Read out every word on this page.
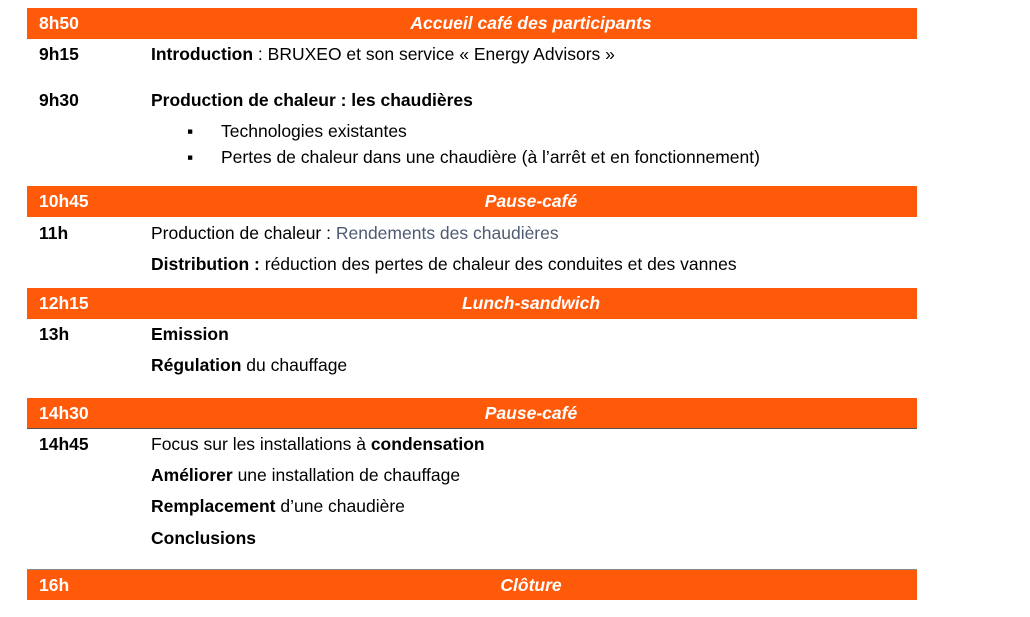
8h50	Accueil café des participants
9h15	Introduction : BRUXEO et son service « Energy Advisors »
9h30	Production de chaleur : les chaudières
▪ Technologies existantes
▪ Pertes de chaleur dans une chaudière (à l’arrêt et en fonctionnement)
10h45	Pause-café
11h	Production de chaleur : Rendements des chaudières
Distribution : réduction des pertes de chaleur des conduites et des vannes
12h15	Lunch-sandwich
13h	Emission
Régulation du chauffage
14h30	Pause-café
14h45	Focus sur les installations à condensation
Améliorer une installation de chauffage
Remplacement d’une chaudière
Conclusions
16h	Clôture
